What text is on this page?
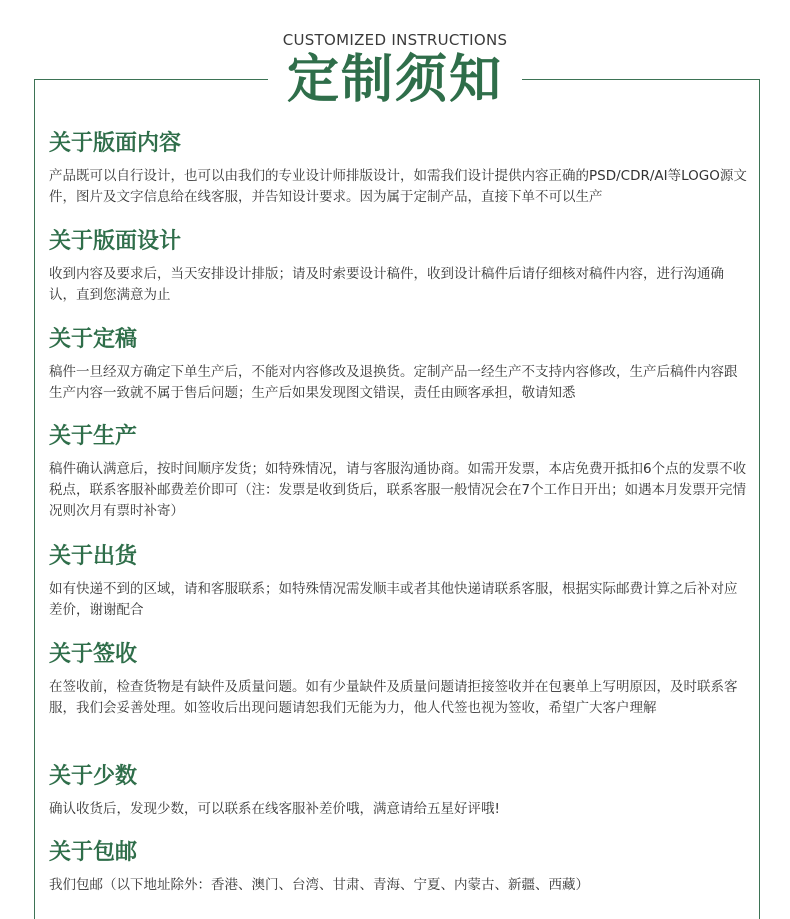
CUSTOMIZED INSTRUCTIONS
定制须知
关于版面内容

产品既可以自行设计，也可以由我们的专业设计师排版设计，如需我们设计提供内容正确的PSD/CDR/AI等LOGO源文件，图片及文字信息给在线客服，并告知设计要求。因为属于定制产品，直接下单不可以生产

关于版面设计

收到内容及要求后，当天安排设计排版；请及时索要设计稿件，收到设计稿件后请仔细核对稿件内容，进行沟通确认，直到您满意为止

关于定稿

稿件一旦经双方确定下单生产后，不能对内容修改及退换货。定制产品一经生产不支持内容修改，生产后稿件内容跟生产内容一致就不属于售后问题；生产后如果发现图文错误，责任由顾客承担，敬请知悉

关于生产

稿件确认满意后，按时间顺序发货；如特殊情况，请与客服沟通协商。如需开发票，本店免费开抵扣6个点的发票不收税点，联系客服补邮费差价即可（注：发票是收到货后，联系客服一般情况会在7个工作日开出；如遇本月发票开完情况则次月有票时补寄）

关于出货

如有快递不到的区域，请和客服联系；如特殊情况需发顺丰或者其他快递请联系客服，根据实际邮费计算之后补对应差价，谢谢配合

关于签收

在签收前，检查货物是有缺件及质量问题。如有少量缺件及质量问题请拒接签收并在包裹单上写明原因，及时联系客服，我们会妥善处理。如签收后出现问题请恕我们无能为力，他人代签也视为签收，希望广大客户理解

关于少数

确认收货后，发现少数，可以联系在线客服补差价哦，满意请给五星好评哦!

关于包邮

我们包邮（以下地址除外：香港、澳门、台湾、甘肃、青海、宁夏、内蒙古、新疆、西藏）
